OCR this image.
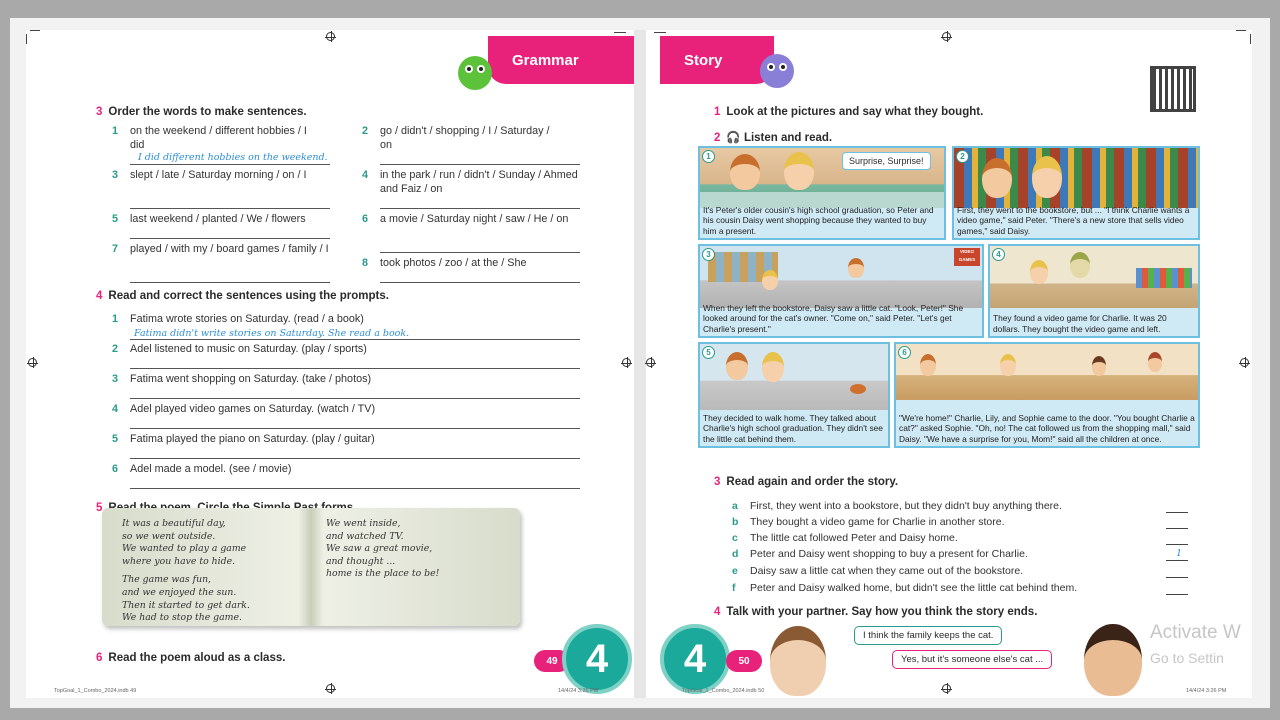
Grammar
3 Order the words to make sentences.
1 on the weekend / different hobbies / I did
I did different hobbies on the weekend.
2 go / didn't / shopping / I / Saturday / on
3 slept / late / Saturday morning / on / I	4 in the park / run / didn't / Sunday / Ahmed and Faiz / on
5 last weekend / planted / We / flowers	6 a movie / Saturday night / saw / He / on
7 played / with my / board games / family / I
8 took photos / zoo / at the / She
4 Read and correct the sentences using the prompts.
1 Fatima wrote stories on Saturday. (read / a book)
Fatima didn't write stories on Saturday. She read a book.
2 Adel listened to music on Saturday. (play / sports)
3 Fatima went shopping on Saturday. (take / photos)
4 Adel played video games on Saturday. (watch / TV)
5 Fatima played the piano on Saturday. (play / guitar)
6 Adel made a model. (see / movie)
5
It was a beautiful day,
so we went outside.
We wanted to play a game
where you have to hide.
The game was fun,
and we enjoyed the sun.
Then it started to get dark.
We had to stop the game.
We went inside,
and watched TV.
We saw a great movie,
and thought ...
home is the place to be!
6 Read the poem aloud as a class.	49 4
TopGoal_1_Combo_2024.indb 49	14/4/24 3:26 PM
Story
1 Look at the pictures and say what they bought.
2 🎧 Listen and read.
1	Surprise, Surprise!
It's Peter's older cousin's high school graduation, so Peter and his cousin Daisy went shopping because they wanted to buy him a present.
2
First, they went to the bookstore, but ... "I think Charlie wants a video game," said Peter. "There's a new store that sells video games," said Daisy.
3	VIDEO GAMES
When they left the bookstore, Daisy saw a little cat. "Look, Peter!" She looked around for the cat's owner. "Come on," said Peter. "Let's get Charlie's present."
4
They found a video game for Charlie. It was 20 dollars. They bought the video game and left.
5
They decided to walk home. They talked about Charlie's high school graduation. They didn't see the little cat behind them.
6
"We're home!" Charlie, Lily, and Sophie came to the door. "You bought Charlie a cat?" asked Sophie. "Oh, no! The cat followed us from the shopping mall," said Daisy. "We have a surprise for you, Mom!" said all the children at once.
3 Read again and order the story.
a First, they went into a bookstore, but they didn't buy anything there.
b They bought a video game for Charlie in another store.
c The little cat followed Peter and Daisy home.
d Peter and Daisy went shopping to buy a present for Charlie.	1
e Daisy saw a little cat when they came out of the bookstore.
f Peter and Daisy walked home, but didn't see the little cat behind them.
4 Talk with your partner. Say how you think the story ends.
I think the family keeps the cat.
Yes, but it's someone else's cat ...
4	50
TopGoal_1_Combo_2024.indb 50	14/4/24 3:26 PM
Activate W
Go to Settin
